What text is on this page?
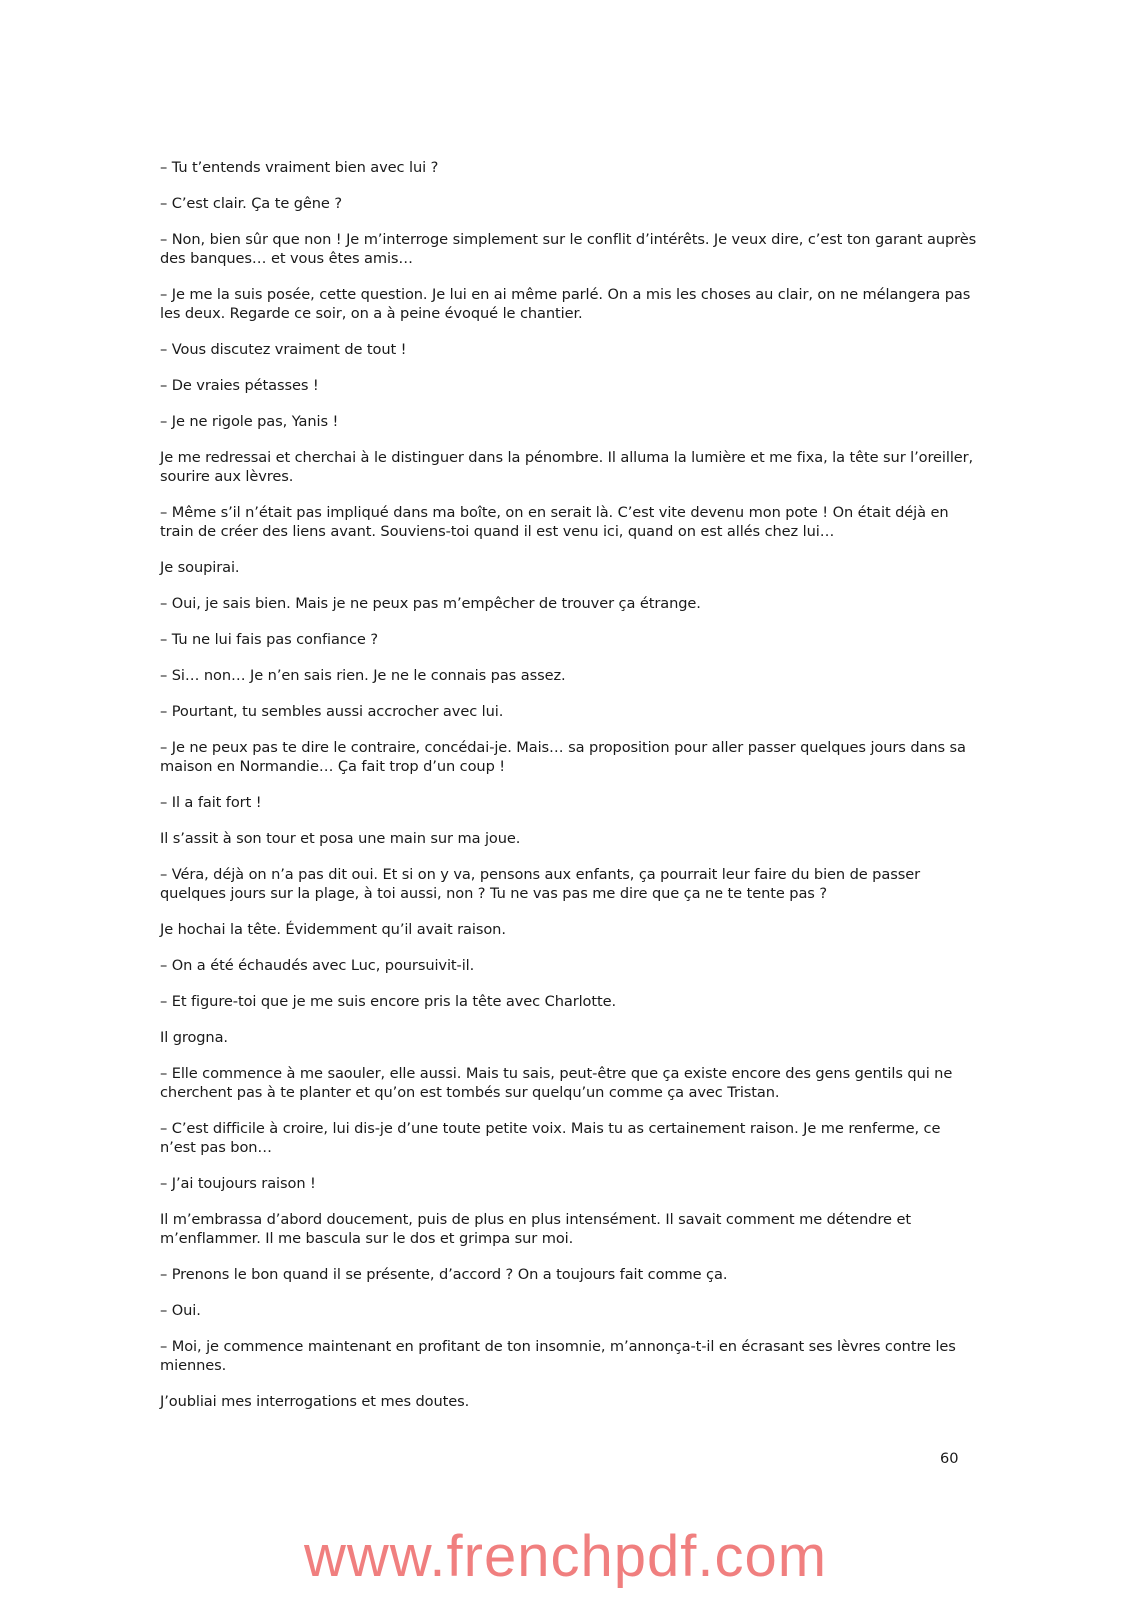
– Tu t’entends vraiment bien avec lui ?

– C’est clair. Ça te gêne ?

– Non, bien sûr que non ! Je m’interroge simplement sur le conflit d’intérêts. Je veux dire, c’est ton garant auprès des banques… et vous êtes amis…

– Je me la suis posée, cette question. Je lui en ai même parlé. On a mis les choses au clair, on ne mélangera pas les deux. Regarde ce soir, on a à peine évoqué le chantier.

– Vous discutez vraiment de tout !

– De vraies pétasses !

– Je ne rigole pas, Yanis !

Je me redressai et cherchai à le distinguer dans la pénombre. Il alluma la lumière et me fixa, la tête sur l’oreiller, sourire aux lèvres.

– Même s’il n’était pas impliqué dans ma boîte, on en serait là. C’est vite devenu mon pote ! On était déjà en train de créer des liens avant. Souviens-toi quand il est venu ici, quand on est allés chez lui…

Je soupirai.

– Oui, je sais bien. Mais je ne peux pas m’empêcher de trouver ça étrange.

– Tu ne lui fais pas confiance ?

– Si… non… Je n’en sais rien. Je ne le connais pas assez.

– Pourtant, tu sembles aussi accrocher avec lui.

– Je ne peux pas te dire le contraire, concédai-je. Mais… sa proposition pour aller passer quelques jours dans sa maison en Normandie… Ça fait trop d’un coup !

– Il a fait fort !

Il s’assit à son tour et posa une main sur ma joue.

– Véra, déjà on n’a pas dit oui. Et si on y va, pensons aux enfants, ça pourrait leur faire du bien de passer quelques jours sur la plage, à toi aussi, non ? Tu ne vas pas me dire que ça ne te tente pas ?

Je hochai la tête. Évidemment qu’il avait raison.

– On a été échaudés avec Luc, poursuivit-il.

– Et figure-toi que je me suis encore pris la tête avec Charlotte.

Il grogna.

– Elle commence à me saouler, elle aussi. Mais tu sais, peut-être que ça existe encore des gens gentils qui ne cherchent pas à te planter et qu’on est tombés sur quelqu’un comme ça avec Tristan.

– C’est difficile à croire, lui dis-je d’une toute petite voix. Mais tu as certainement raison. Je me renferme, ce n’est pas bon…

– J’ai toujours raison !

Il m’embrassa d’abord doucement, puis de plus en plus intensément. Il savait comment me détendre et m’enflammer. Il me bascula sur le dos et grimpa sur moi.

– Prenons le bon quand il se présente, d’accord ? On a toujours fait comme ça.

– Oui.

– Moi, je commence maintenant en profitant de ton insomnie, m’annonça-t-il en écrasant ses lèvres contre les miennes.

J’oubliai mes interrogations et mes doutes.

60
www.frenchpdf.com
